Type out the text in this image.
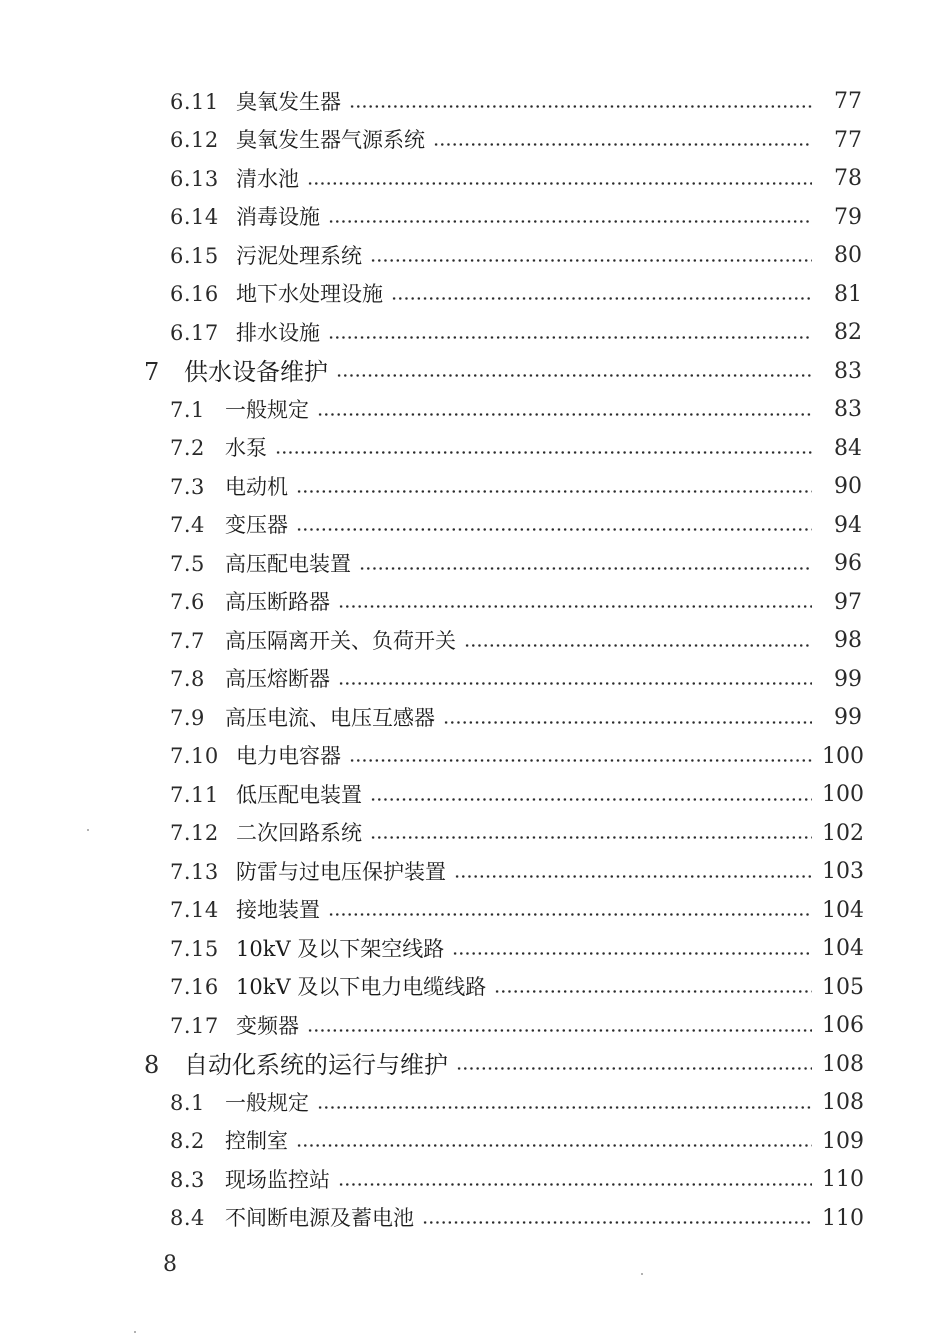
6.11 臭氧发生器	77
6.12 臭氧发生器气源系统	77
6.13 清水池	78
6.14 消毒设施	79
6.15 污泥处理系统	80
6.16 地下水处理设施	81
6.17 排水设施	82
7	供水设备维护	83
7.1 一般规定	83
7.2 水泵	84
7.3 电动机	90
7.4 变压器	94
7.5 高压配电装置	96
7.6 高压断路器	97
7.7 高压隔离开关、负荷开关	98
7.8 高压熔断器	99
7.9 高压电流、电压互感器	99
7.10 电力电容器	100
7.11 低压配电装置	100
7.12 二次回路系统	102
7.13 防雷与过电压保护装置	103
7.14 接地装置	104
7.15 10kV 及以下架空线路	104
7.16 10kV 及以下电力电缆线路	105
7.17 变频器	106
8	自动化系统的运行与维护	108
8.1 一般规定	108
8.2 控制室	109
8.3 现场监控站	110
8.4 不间断电源及蓄电池	110
8
